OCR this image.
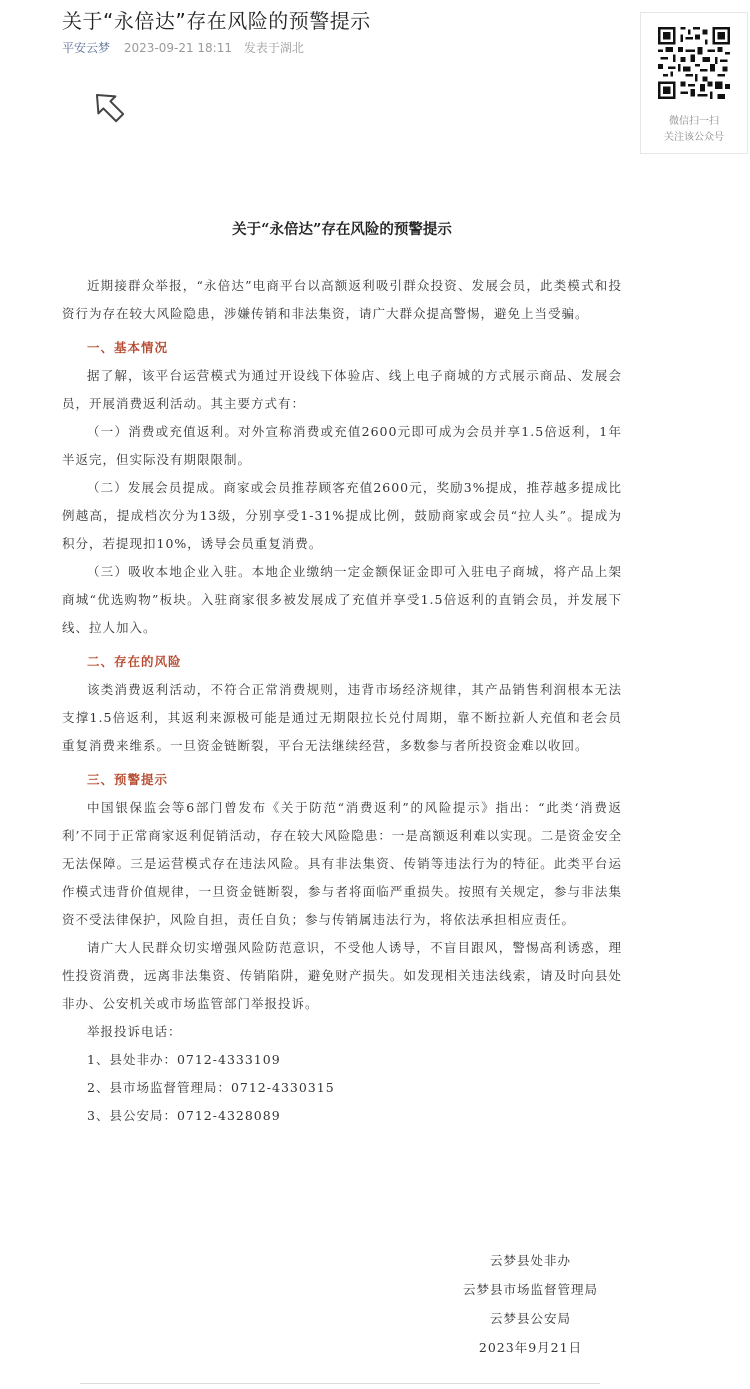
关于“永倍达”存在风险的预警提示
平安云梦 2023-09-21 18:11 发表于湖北
微信扫一扫
关注该公众号

关于“永倍达”存在风险的预警提示

近期接群众举报，“永倍达”电商平台以高额返利吸引群众投资、发展会员，此类模式和投资行为存在较大风险隐患，涉嫌传销和非法集资，请广大群众提高警惕，避免上当受骗。

一、基本情况

据了解，该平台运营模式为通过开设线下体验店、线上电子商城的方式展示商品、发展会员，开展消费返利活动。其主要方式有：

（一）消费或充值返利。对外宣称消费或充值2600元即可成为会员并享1.5倍返利，1年半返完，但实际没有期限限制。

（二）发展会员提成。商家或会员推荐顾客充值2600元，奖励3%提成，推荐越多提成比例越高，提成档次分为13级，分别享受1-31%提成比例，鼓励商家或会员“拉人头”。提成为积分，若提现扣10%，诱导会员重复消费。

（三）吸收本地企业入驻。本地企业缴纳一定金额保证金即可入驻电子商城，将产品上架商城“优选购物”板块。入驻商家很多被发展成了充值并享受1.5倍返利的直销会员，并发展下线、拉人加入。

二、存在的风险

该类消费返利活动，不符合正常消费规则，违背市场经济规律，其产品销售利润根本无法支撑1.5倍返利，其返利来源极可能是通过无期限拉长兑付周期，靠不断拉新人充值和老会员重复消费来维系。一旦资金链断裂，平台无法继续经营，多数参与者所投资金难以收回。

三、预警提示

中国银保监会等6部门曾发布《关于防范“消费返利”的风险提示》指出：“此类‘消费返利’不同于正常商家返利促销活动，存在较大风险隐患：一是高额返利难以实现。二是资金安全无法保障。三是运营模式存在违法风险。具有非法集资、传销等违法行为的特征。此类平台运作模式违背价值规律，一旦资金链断裂，参与者将面临严重损失。按照有关规定，参与非法集资不受法律保护，风险自担，责任自负；参与传销属违法行为，将依法承担相应责任。

请广大人民群众切实增强风险防范意识，不受他人诱导，不盲目跟风，警惕高利诱惑，理性投资消费，远离非法集资、传销陷阱，避免财产损失。如发现相关违法线索，请及时向县处非办、公安机关或市场监管部门举报投诉。

举报投诉电话：

1、县处非办：0712-4333109

2、县市场监督管理局：0712-4330315

3、县公安局：0712-4328089

云梦县处非办
云梦县市场监督管理局
云梦县公安局
2023年9月21日
